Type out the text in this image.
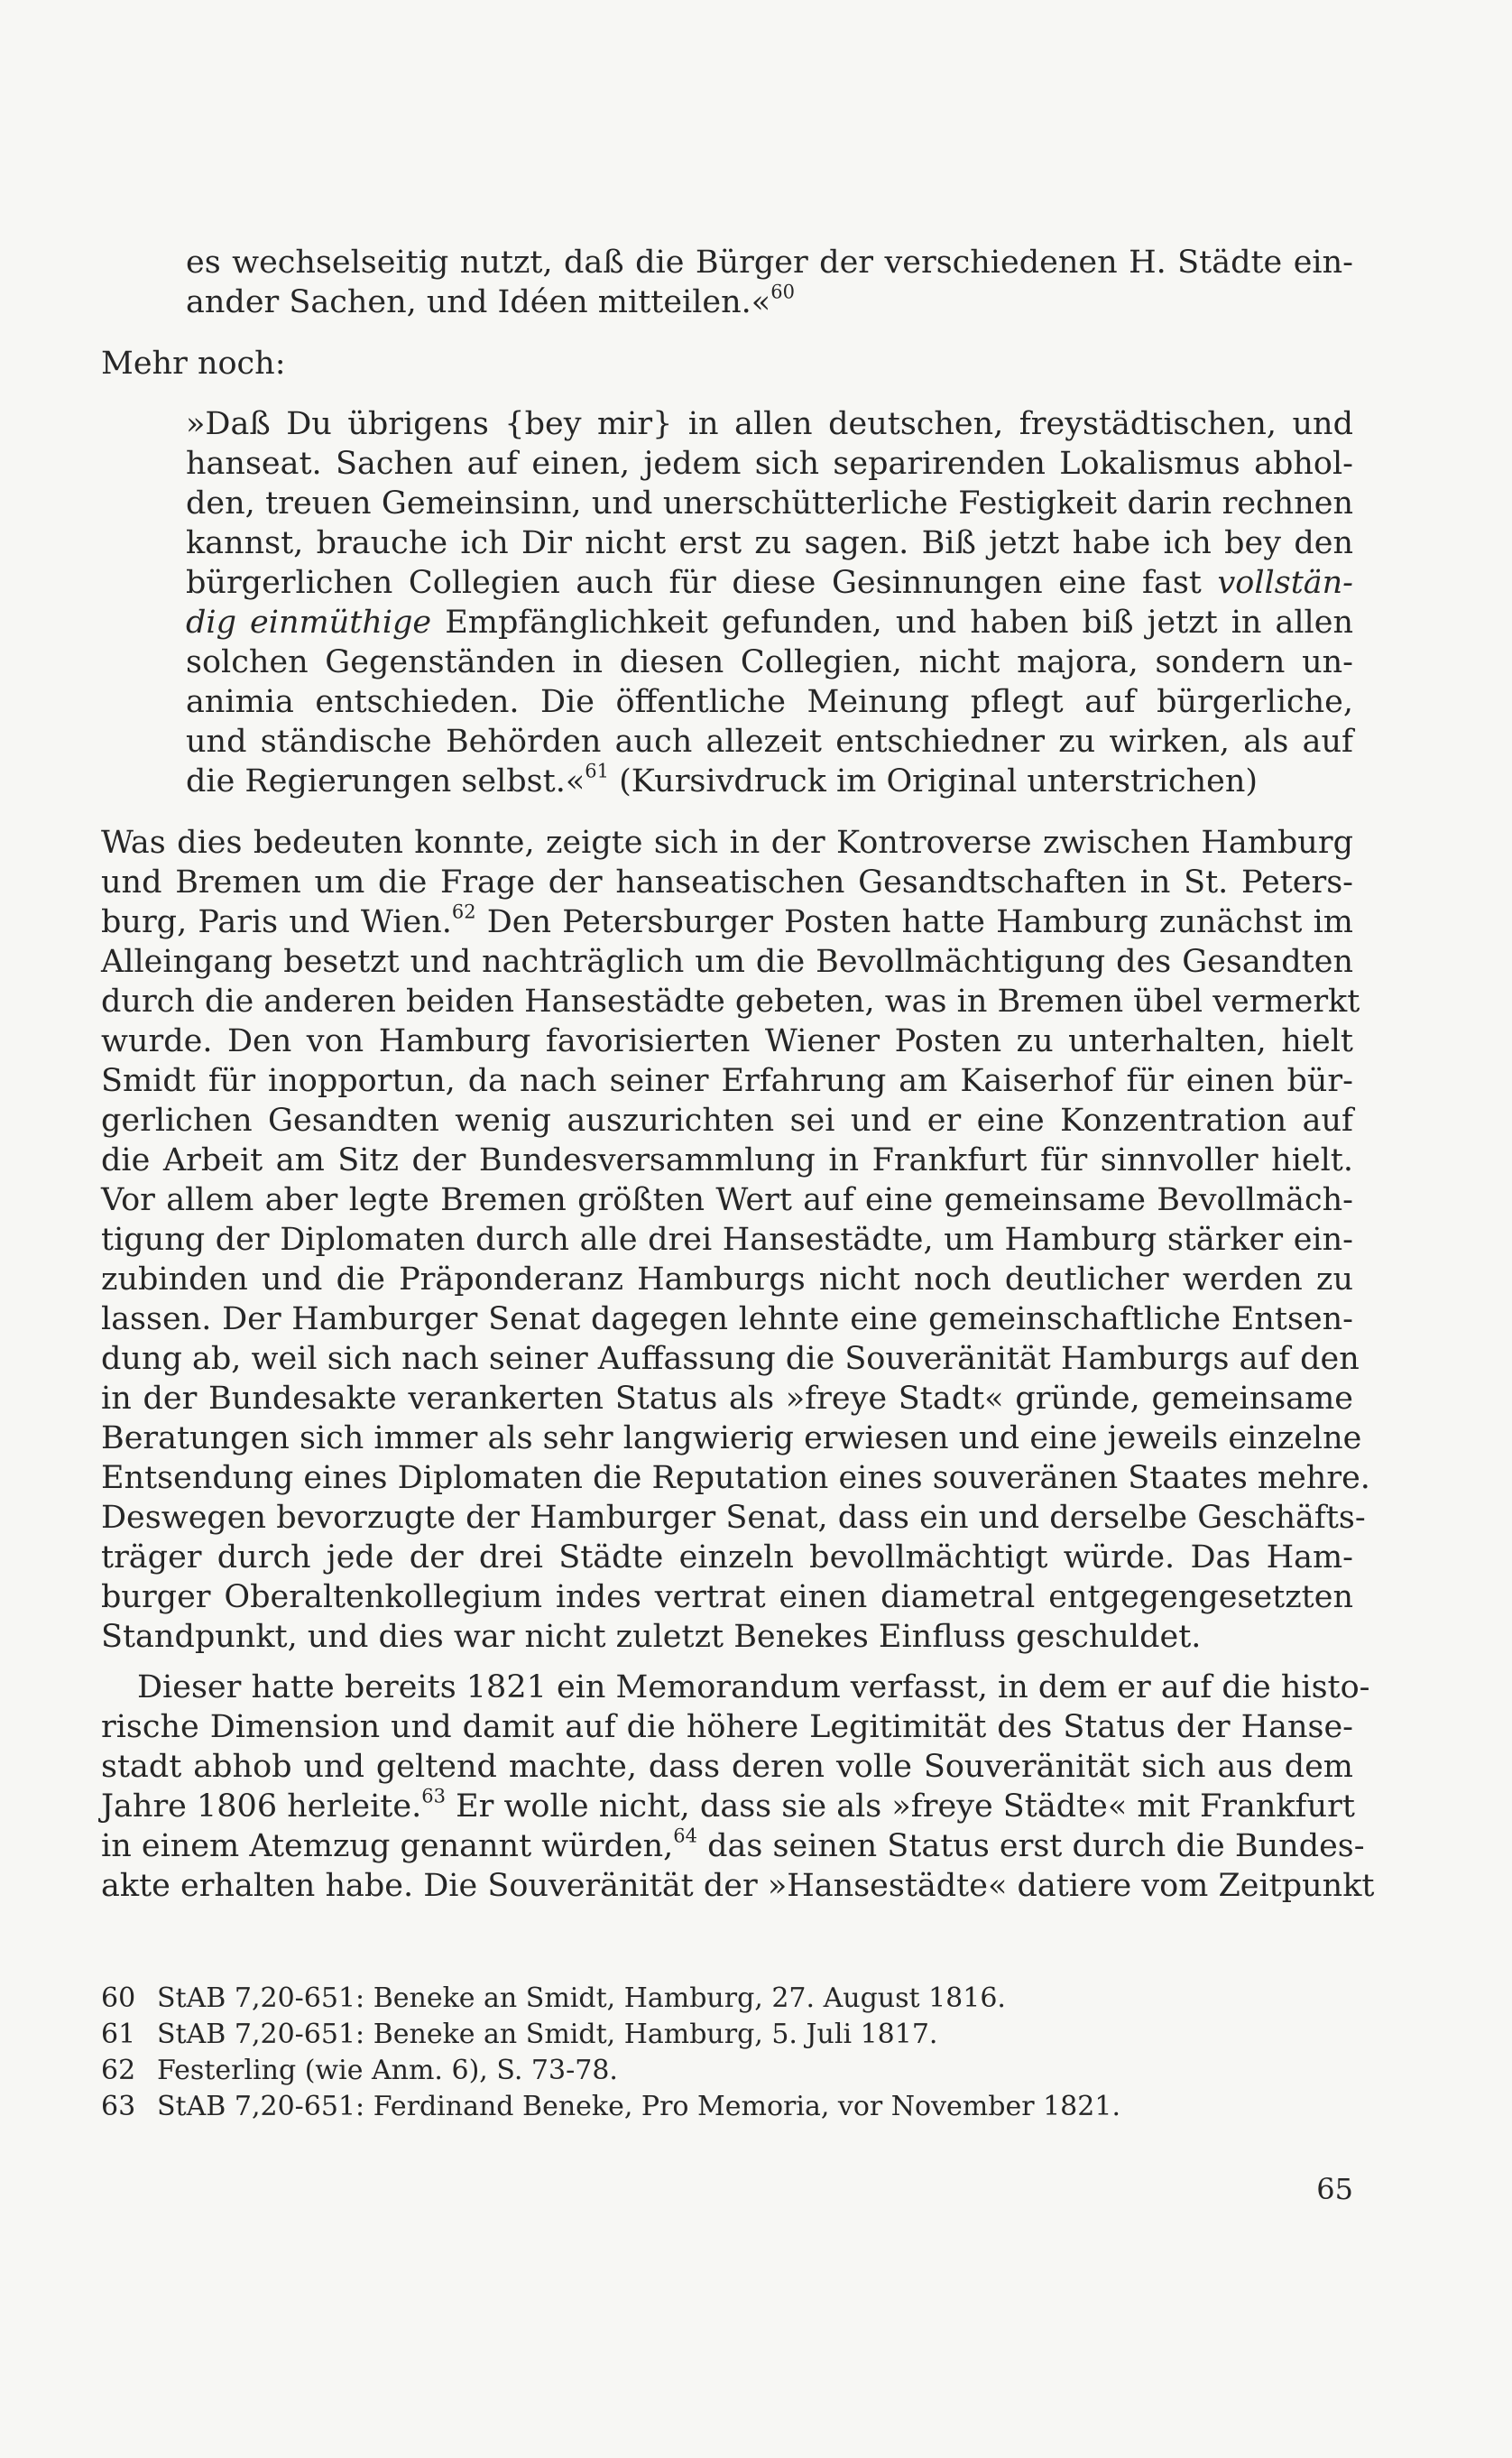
es wechselseitig nutzt, daß die Bürger der verschiedenen H. Städte ein-
ander Sachen, und Idéen mitteilen.«$^{60}$
Mehr noch:
»Daß Du übrigens {bey mir} in allen deutschen, freystädtischen, und
hanseat. Sachen auf einen, jedem sich separirenden Lokalismus abhol-
den, treuen Gemeinsinn, und unerschütterliche Festigkeit darin rechnen
kannst, brauche ich Dir nicht erst zu sagen. Biß jetzt habe ich bey den
bürgerlichen Collegien auch für diese Gesinnungen eine fast vollstän-
dig einmüthige Empfänglichkeit gefunden, und haben biß jetzt in allen
solchen Gegenständen in diesen Collegien, nicht majora, sondern un-
animia entschieden. Die öffentliche Meinung pflegt auf bürgerliche,
und ständische Behörden auch allezeit entschiedner zu wirken, als auf
die Regierungen selbst.«$^{61}$ (Kursivdruck im Original unterstrichen)
Was dies bedeuten konnte, zeigte sich in der Kontroverse zwischen Hamburg
und Bremen um die Frage der hanseatischen Gesandtschaften in St. Peters-
burg, Paris und Wien.$^{62}$ Den Petersburger Posten hatte Hamburg zunächst im
Alleingang besetzt und nachträglich um die Bevollmächtigung des Gesandten
durch die anderen beiden Hansestädte gebeten, was in Bremen übel vermerkt
wurde. Den von Hamburg favorisierten Wiener Posten zu unterhalten, hielt
Smidt für inopportun, da nach seiner Erfahrung am Kaiserhof für einen bür-
gerlichen Gesandten wenig auszurichten sei und er eine Konzentration auf
die Arbeit am Sitz der Bundesversammlung in Frankfurt für sinnvoller hielt.
Vor allem aber legte Bremen größten Wert auf eine gemeinsame Bevollmäch-
tigung der Diplomaten durch alle drei Hansestädte, um Hamburg stärker ein-
zubinden und die Präponderanz Hamburgs nicht noch deutlicher werden zu
lassen. Der Hamburger Senat dagegen lehnte eine gemeinschaftliche Entsen-
dung ab, weil sich nach seiner Auffassung die Souveränität Hamburgs auf den
in der Bundesakte verankerten Status als »freye Stadt« gründe, gemeinsame
Beratungen sich immer als sehr langwierig erwiesen und eine jeweils einzelne
Entsendung eines Diplomaten die Reputation eines souveränen Staates mehre.
Deswegen bevorzugte der Hamburger Senat, dass ein und derselbe Geschäfts-
träger durch jede der drei Städte einzeln bevollmächtigt würde. Das Ham-
burger Oberaltenkollegium indes vertrat einen diametral entgegengesetzten
Standpunkt, und dies war nicht zuletzt Benekes Einfluss geschuldet.
Dieser hatte bereits 1821 ein Memorandum verfasst, in dem er auf die histo-
rische Dimension und damit auf die höhere Legitimität des Status der Hanse-
stadt abhob und geltend machte, dass deren volle Souveränität sich aus dem
Jahre 1806 herleite.$^{63}$ Er wolle nicht, dass sie als »freye Städte« mit Frankfurt
in einem Atemzug genannt würden,$^{64}$ das seinen Status erst durch die Bundes-
akte erhalten habe. Die Souveränität der »Hansestädte« datiere vom Zeitpunkt
60 StAB 7,20-651: Beneke an Smidt, Hamburg, 27. August 1816.
61 StAB 7,20-651: Beneke an Smidt, Hamburg, 5. Juli 1817.
62 Festerling (wie Anm. 6), S. 73-78.
63 StAB 7,20-651: Ferdinand Beneke, Pro Memoria, vor November 1821.
65
